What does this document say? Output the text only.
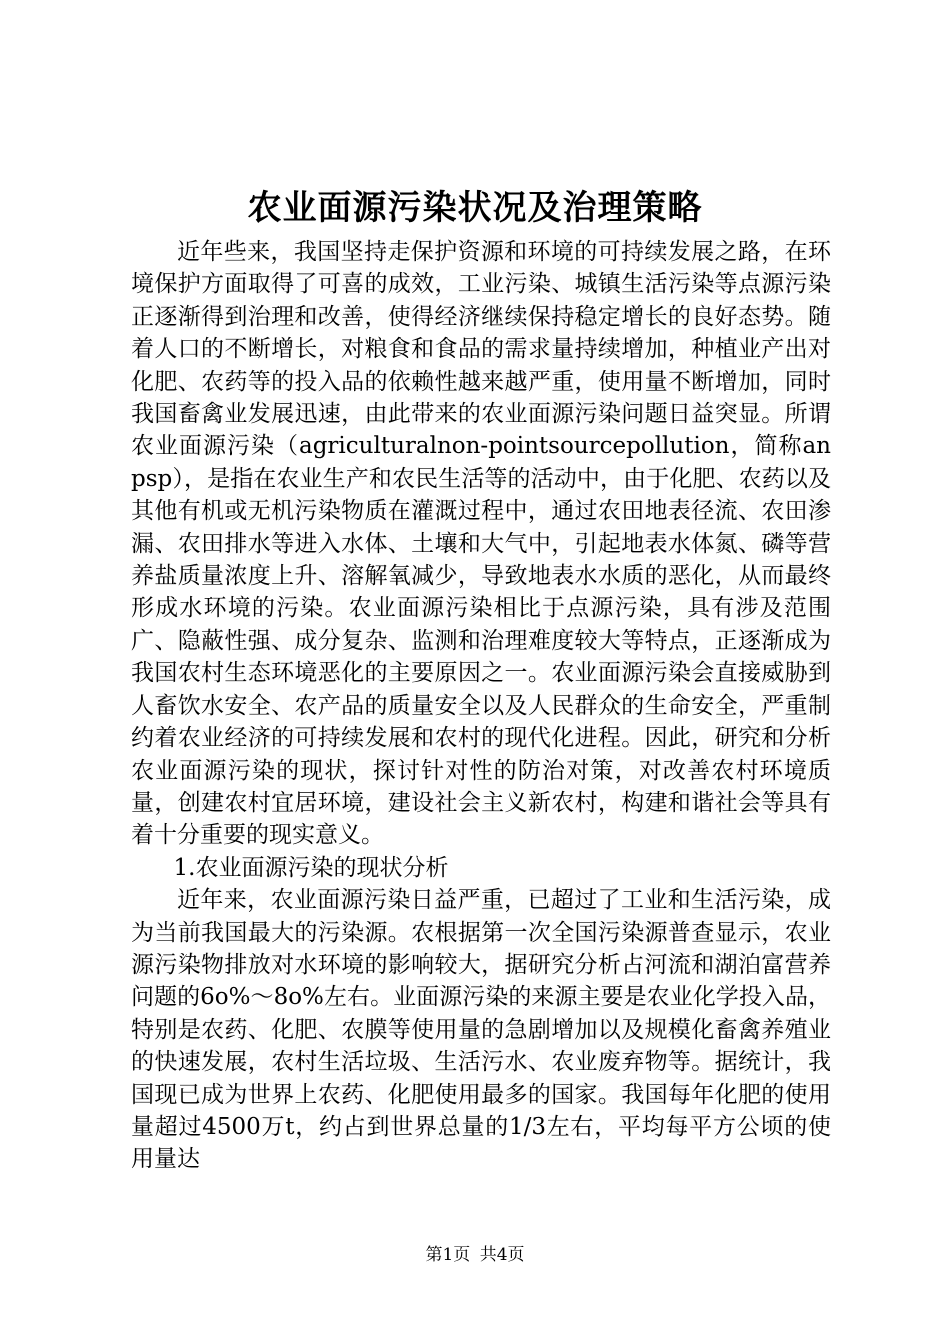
农业面源污染状况及治理策略

近年些来，我国坚持走保护资源和环境的可持续发展之路，在环境保护方面取得了可喜的成效，工业污染、城镇生活污染等点源污染正逐渐得到治理和改善，使得经济继续保持稳定增长的良好态势。随着人口的不断增长，对粮食和食品的需求量持续增加，种植业产出对化肥、农药等的投入品的依赖性越来越严重，使用量不断增加，同时我国畜禽业发展迅速，由此带来的农业面源污染问题日益突显。所谓农业面源污染（agriculturalnon-pointsourcepollution，简称anpsp），是指在农业生产和农民生活等的活动中，由于化肥、农药以及其他有机或无机污染物质在灌溉过程中，通过农田地表径流、农田渗漏、农田排水等进入水体、土壤和大气中，引起地表水体氮、磷等营养盐质量浓度上升、溶解氧减少，导致地表水水质的恶化，从而最终形成水环境的污染。农业面源污染相比于点源污染，具有涉及范围广、隐蔽性强、成分复杂、监测和治理难度较大等特点，正逐渐成为我国农村生态环境恶化的主要原因之一。农业面源污染会直接威胁到人畜饮水安全、农产品的质量安全以及人民群众的生命安全，严重制约着农业经济的可持续发展和农村的现代化进程。因此，研究和分析农业面源污染的现状，探讨针对性的防治对策，对改善农村环境质量，创建农村宜居环境，建设社会主义新农村，构建和谐社会等具有着十分重要的现实意义。

1.农业面源污染的现状分析

近年来，农业面源污染日益严重，已超过了工业和生活污染，成为当前我国最大的污染源。农根据第一次全国污染源普查显示，农业源污染物排放对水环境的影响较大，据研究分析占河流和湖泊富营养问题的6o%～8o%左右。业面源污染的来源主要是农业化学投入品，特别是农药、化肥、农膜等使用量的急剧增加以及规模化畜禽养殖业的快速发展，农村生活垃圾、生活污水、农业废弃物等。据统计，我国现已成为世界上农药、化肥使用最多的国家。我国每年化肥的使用量超过4500万t，约占到世界总量的1/3左右，平均每平方公顷的使用量达

第1页 共4页
